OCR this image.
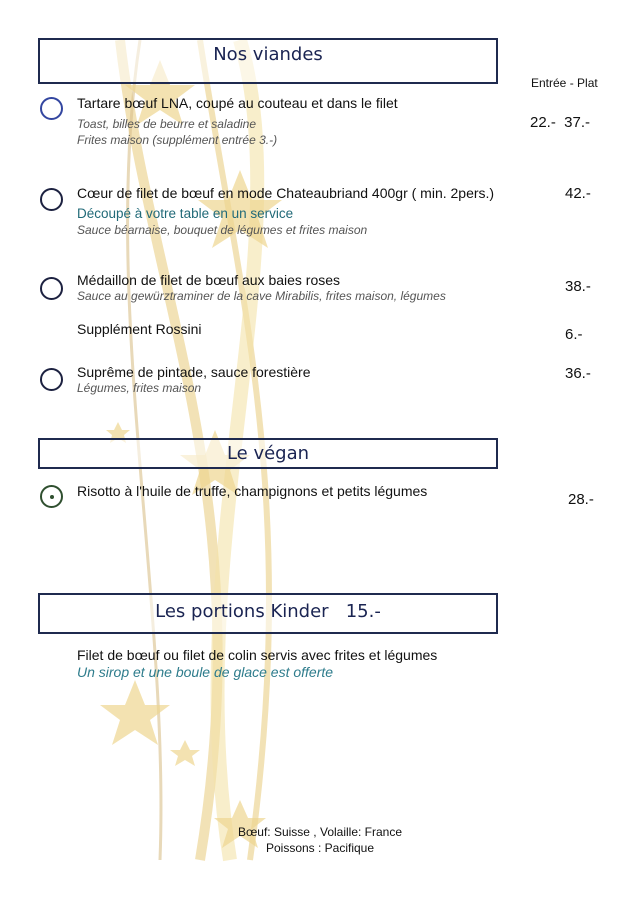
Nos viandes
Entrée - Plat
Tartare bœuf LNA, coupé au couteau et dans le filet
Toast, billes de beurre et saladine
Frites maison (supplément entrée 3.-)
22.-  37.-
Cœur de filet de bœuf en mode Chateaubriand 400gr ( min. 2pers.)
Découpé à votre table en un service
Sauce béarnaise, bouquet de légumes et frites maison
42.-
Médaillon de filet de bœuf aux baies roses
Sauce au gewürztraminer de la cave Mirabilis, frites maison, légumes
38.-
Supplément Rossini	6.-
Suprême de pintade, sauce forestière
Légumes, frites maison
36.-
Le végan
Risotto à l'huile de truffe, champignons et petits légumes	28.-
Les portions Kinder   15.-
Filet de bœuf ou filet de colin servis avec frites et légumes
Un sirop et une boule de glace est offerte
Bœuf: Suisse , Volaille: France
Poissons : Pacifique
